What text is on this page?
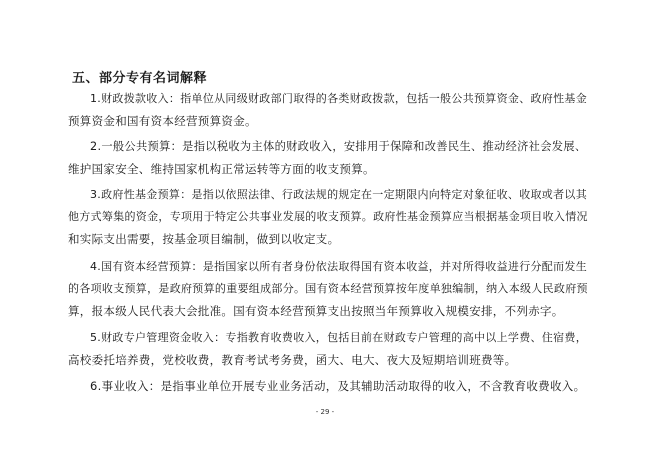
五、部分专有名词解释
1.财政拨款收入：指单位从同级财政部门取得的各类财政拨款，包括一般公共预算资金、政府性基金
预算资金和国有资本经营预算资金。
2.一般公共预算：是指以税收为主体的财政收入，安排用于保障和改善民生、推动经济社会发展、
维护国家安全、维持国家机构正常运转等方面的收支预算。
3.政府性基金预算：是指以依照法律、行政法规的规定在一定期限内向特定对象征收、收取或者以其
他方式筹集的资金，专项用于特定公共事业发展的收支预算。政府性基金预算应当根据基金项目收入情况
和实际支出需要，按基金项目编制，做到以收定支。
4.国有资本经营预算：是指国家以所有者身份依法取得国有资本收益，并对所得收益进行分配而发生
的各项收支预算，是政府预算的重要组成部分。国有资本经营预算按年度单独编制，纳入本级人民政府预
算，报本级人民代表大会批准。国有资本经营预算支出按照当年预算收入规模安排，不列赤字。
5.财政专户管理资金收入：专指教育收费收入，包括目前在财政专户管理的高中以上学费、住宿费，
高校委托培养费，党校收费，教育考试考务费，函大、电大、夜大及短期培训班费等。
6.事业收入：是指事业单位开展专业业务活动，及其辅助活动取得的收入，不含教育收费收入。
- 29 -
